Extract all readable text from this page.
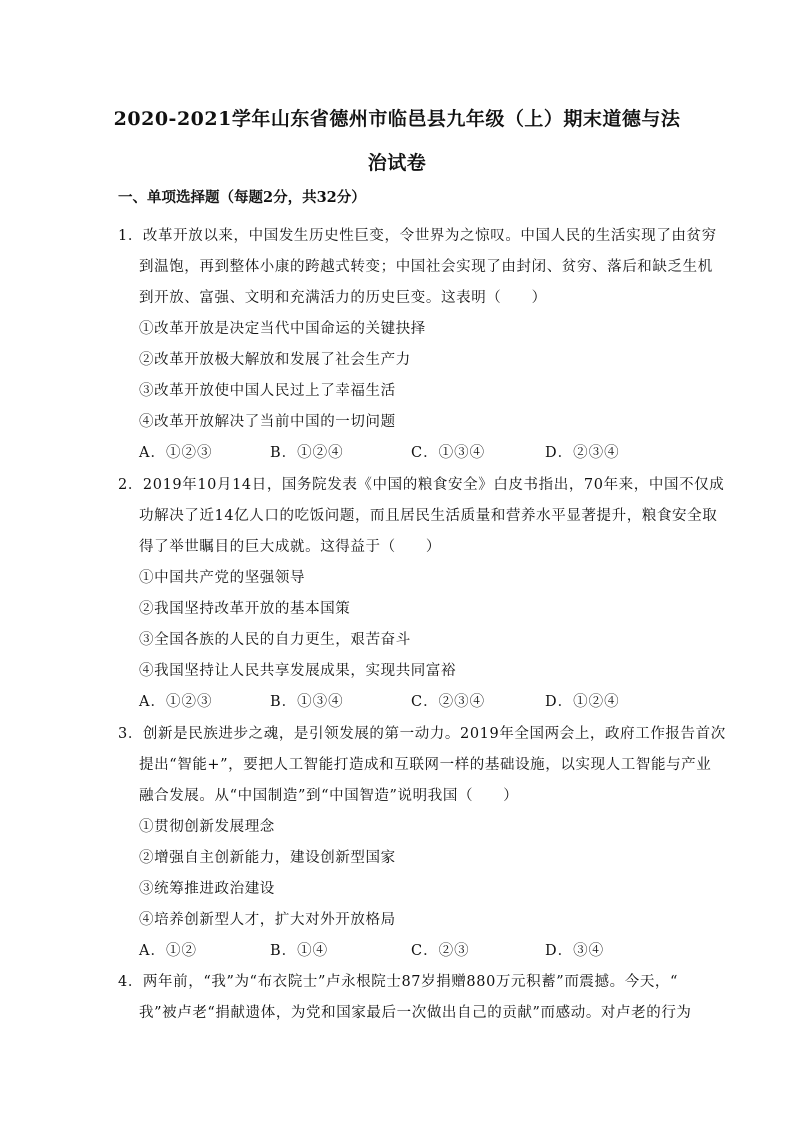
2020-2021学年山东省德州市临邑县九年级（上）期末道德与法
治试卷
一、单项选择题（每题2分，共32分）
1．改革开放以来，中国发生历史性巨变，令世界为之惊叹。中国人民的生活实现了由贫穷
到温饱，再到整体小康的跨越式转变；中国社会实现了由封闭、贫穷、落后和缺乏生机
到开放、富强、文明和充满活力的历史巨变。这表明（　　）
①改革开放是决定当代中国命运的关键抉择
②改革开放极大解放和发展了社会生产力
③改革开放使中国人民过上了幸福生活
④改革开放解决了当前中国的一切问题
A．①②③	B．①②④	C．①③④	D．②③④
2．2019年10月14日，国务院发表《中国的粮食安全》白皮书指出，70年来，中国不仅成
功解决了近14亿人口的吃饭问题，而且居民生活质量和营养水平显著提升，粮食安全取
得了举世瞩目的巨大成就。这得益于（　　）
①中国共产党的坚强领导
②我国坚持改革开放的基本国策
③全国各族的人民的自力更生，艰苦奋斗
④我国坚持让人民共享发展成果，实现共同富裕
A．①②③	B．①③④	C．②③④	D．①②④
3．创新是民族进步之魂，是引领发展的第一动力。2019年全国两会上，政府工作报告首次
提出“智能+”，要把人工智能打造成和互联网一样的基础设施，以实现人工智能与产业
融合发展。从“中国制造”到“中国智造”说明我国（　　）
①贯彻创新发展理念
②增强自主创新能力，建设创新型国家
③统筹推进政治建设
④培养创新型人才，扩大对外开放格局
A．①②	B．①④	C．②③	D．③④
4．两年前，“我”为“布衣院士”卢永根院士87岁捐赠880万元积蓄”而震撼。今天，“
我”被卢老“捐献遗体，为党和国家最后一次做出自己的贡献”而感动。对卢老的行为
